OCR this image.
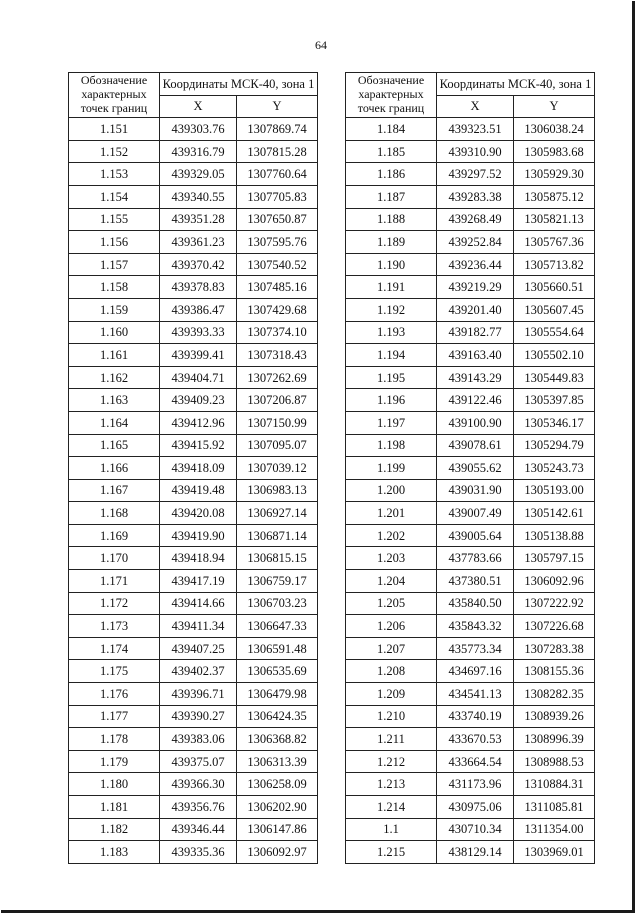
64
Обозначение характерных точек границ	Координаты МСК-40, зона 1	
	X	Y
1.151	439303.76	1307869.74
1.152	439316.79	1307815.28
1.153	439329.05	1307760.64
1.154	439340.55	1307705.83
1.155	439351.28	1307650.87
1.156	439361.23	1307595.76
1.157	439370.42	1307540.52
1.158	439378.83	1307485.16
1.159	439386.47	1307429.68
1.160	439393.33	1307374.10
1.161	439399.41	1307318.43
1.162	439404.71	1307262.69
1.163	439409.23	1307206.87
1.164	439412.96	1307150.99
1.165	439415.92	1307095.07
1.166	439418.09	1307039.12
1.167	439419.48	1306983.13
1.168	439420.08	1306927.14
1.169	439419.90	1306871.14
1.170	439418.94	1306815.15
1.171	439417.19	1306759.17
1.172	439414.66	1306703.23
1.173	439411.34	1306647.33
1.174	439407.25	1306591.48
1.175	439402.37	1306535.69
1.176	439396.71	1306479.98
1.177	439390.27	1306424.35
1.178	439383.06	1306368.82
1.179	439375.07	1306313.39
1.180	439366.30	1306258.09
1.181	439356.76	1306202.90
1.182	439346.44	1306147.86
1.183	439335.36	1306092.97
Обозначение характерных точек границ	Координаты МСК-40, зона 1	
	X	Y
1.184	439323.51	1306038.24
1.185	439310.90	1305983.68
1.186	439297.52	1305929.30
1.187	439283.38	1305875.12
1.188	439268.49	1305821.13
1.189	439252.84	1305767.36
1.190	439236.44	1305713.82
1.191	439219.29	1305660.51
1.192	439201.40	1305607.45
1.193	439182.77	1305554.64
1.194	439163.40	1305502.10
1.195	439143.29	1305449.83
1.196	439122.46	1305397.85
1.197	439100.90	1305346.17
1.198	439078.61	1305294.79
1.199	439055.62	1305243.73
1.200	439031.90	1305193.00
1.201	439007.49	1305142.61
1.202	439005.64	1305138.88
1.203	437783.66	1305797.15
1.204	437380.51	1306092.96
1.205	435840.50	1307222.92
1.206	435843.32	1307226.68
1.207	435773.34	1307283.38
1.208	434697.16	1308155.36
1.209	434541.13	1308282.35
1.210	433740.19	1308939.26
1.211	433670.53	1308996.39
1.212	433664.54	1308988.53
1.213	431173.96	1310884.31
1.214	430975.06	1311085.81
1.1	430710.34	1311354.00
1.215	438129.14	1303969.01
